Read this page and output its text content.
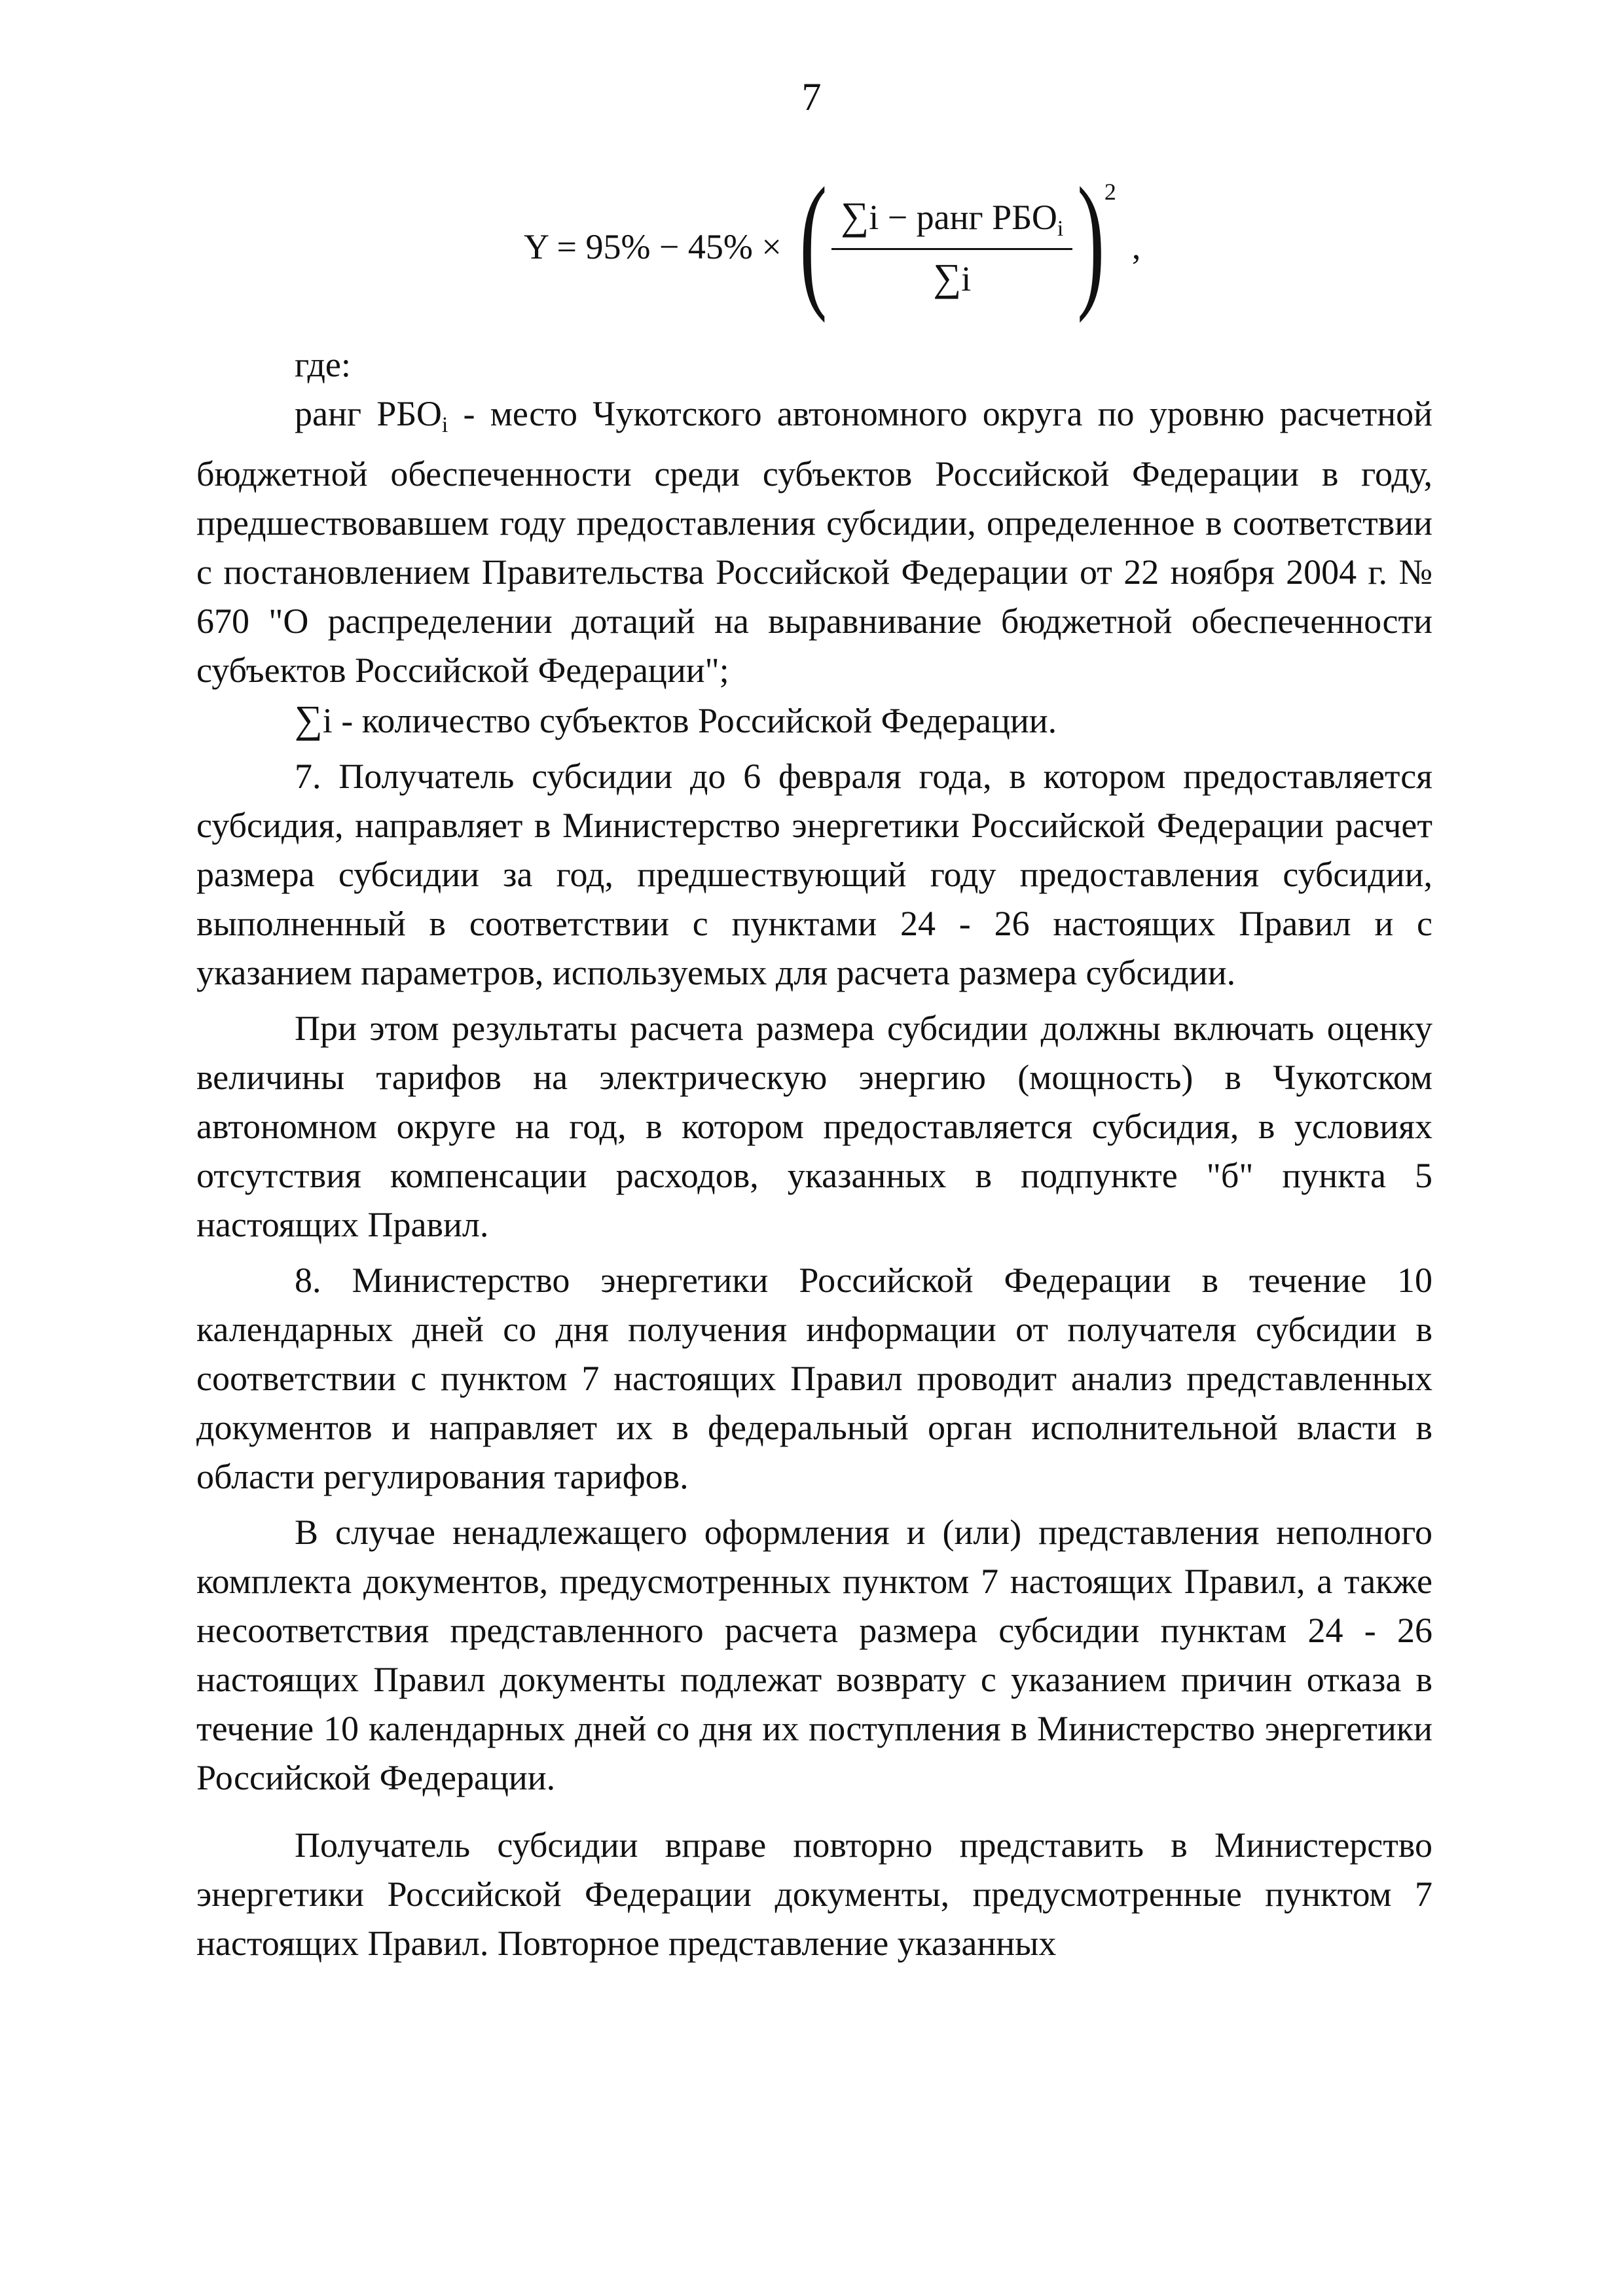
7
Y = 95% − 45% × ( $\frac{\text{∑i − ранг РБОi}}{\sum i}$ ) 2
,

где:

ранг РБОi - место Чукотского автономного округа по уровню расчетной бюджетной обеспеченности среди субъектов Российской Федерации в году, предшествовавшем году предоставления субсидии, определенное в соответствии с постановлением Правительства Российской Федерации от 22 ноября 2004 г. № 670 "О распределении дотаций на выравнивание бюджетной обеспеченности субъектов Российской Федерации";

∑i - количество субъектов Российской Федерации.

7. Получатель субсидии до 6 февраля года, в котором предоставляется субсидия, направляет в Министерство энергетики Российской Федерации расчет размера субсидии за год, предшествующий году предоставления субсидии, выполненный в соответствии с пунктами 24 - 26 настоящих Правил и с указанием параметров, используемых для расчета размера субсидии.

При этом результаты расчета размера субсидии должны включать оценку величины тарифов на электрическую энергию (мощность) в Чукотском автономном округе на год, в котором предоставляется субсидия, в условиях отсутствия компенсации расходов, указанных в подпункте "б" пункта 5 настоящих Правил.

8. Министерство энергетики Российской Федерации в течение 10 календарных дней со дня получения информации от получателя субсидии в соответствии с пунктом 7 настоящих Правил проводит анализ представленных документов и направляет их в федеральный орган исполнительной власти в области регулирования тарифов.

В случае ненадлежащего оформления и (или) представления неполного комплекта документов, предусмотренных пунктом 7 настоящих Правил, а также несоответствия представленного расчета размера субсидии пунктам 24 - 26 настоящих Правил документы подлежат возврату с указанием причин отказа в течение 10 календарных дней со дня их поступления в Министерство энергетики Российской Федерации.

Получатель субсидии вправе повторно представить в Министерство энергетики Российской Федерации документы, предусмотренные пунктом 7 настоящих Правил. Повторное представление указанных
